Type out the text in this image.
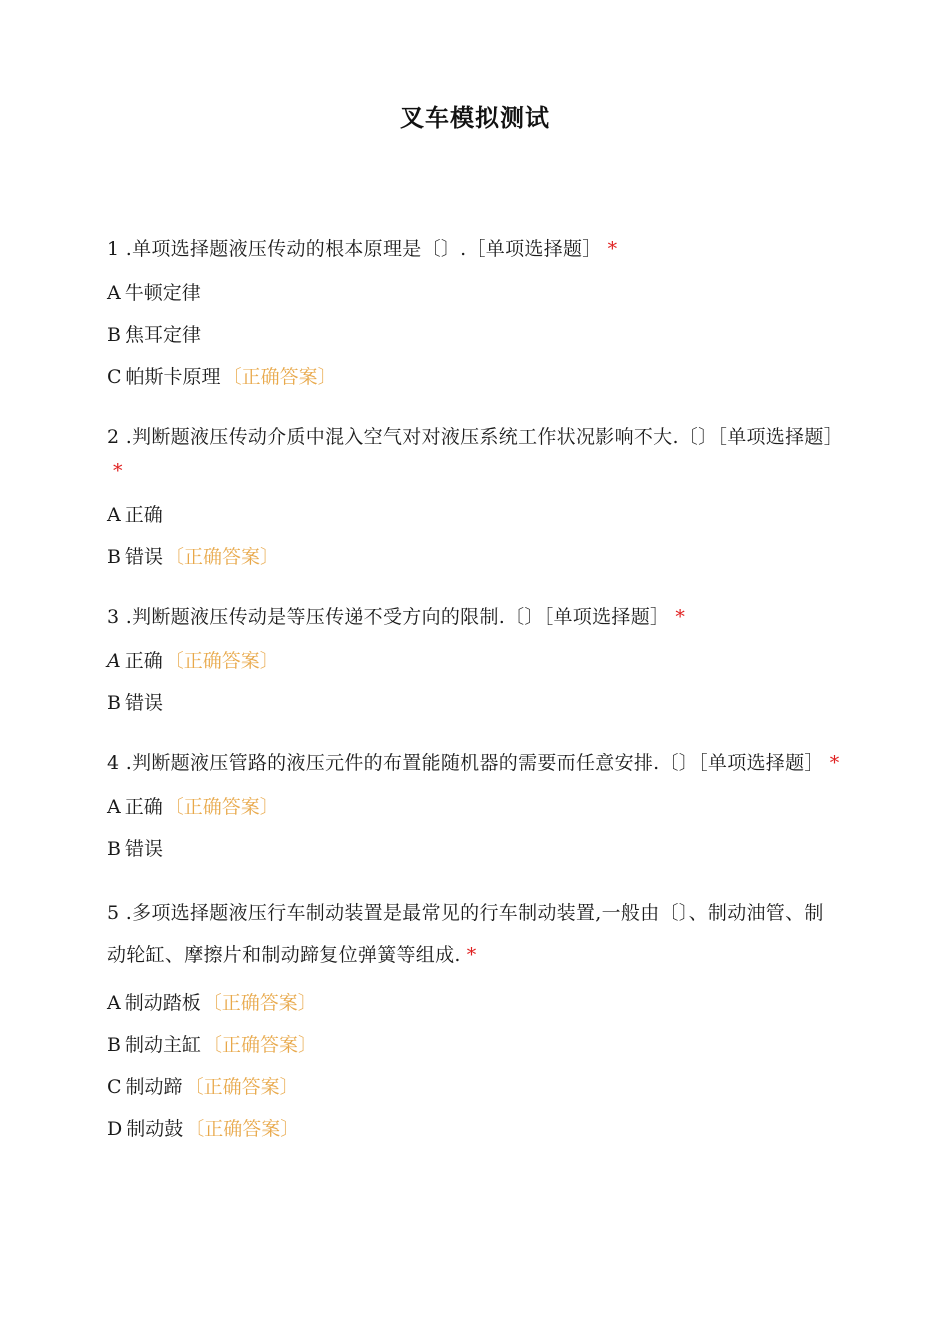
叉车模拟测试
1 .单项选择题液压传动的根本原理是〔〕.［单项选择题］ *
A 牛顿定律
B 焦耳定律
C 帕斯卡原理 〔正确答案〕
2 .判断题液压传动介质中混入空气对对液压系统工作状况影响不大.〔〕［单项选择题］*
A 正确
B 错误 〔正确答案〕
3 .判断题液压传动是等压传递不受方向的限制.〔〕［单项选择题］ *
A 正确 〔正确答案〕
B 错误
4 .判断题液压管路的液压元件的布置能随机器的需要而任意安排.〔〕［单项选择题］ *
A 正确 〔正确答案〕
B 错误
5 .多项选择题液压行车制动装置是最常见的行车制动装置,一般由〔〕、制动油管、制 动轮缸、摩擦片和制动蹄复位弹簧等组成. *
A 制动踏板 〔正确答案〕
B 制动主缸 〔正确答案〕
C 制动蹄 〔正确答案〕
D 制动鼓 〔正确答案〕
